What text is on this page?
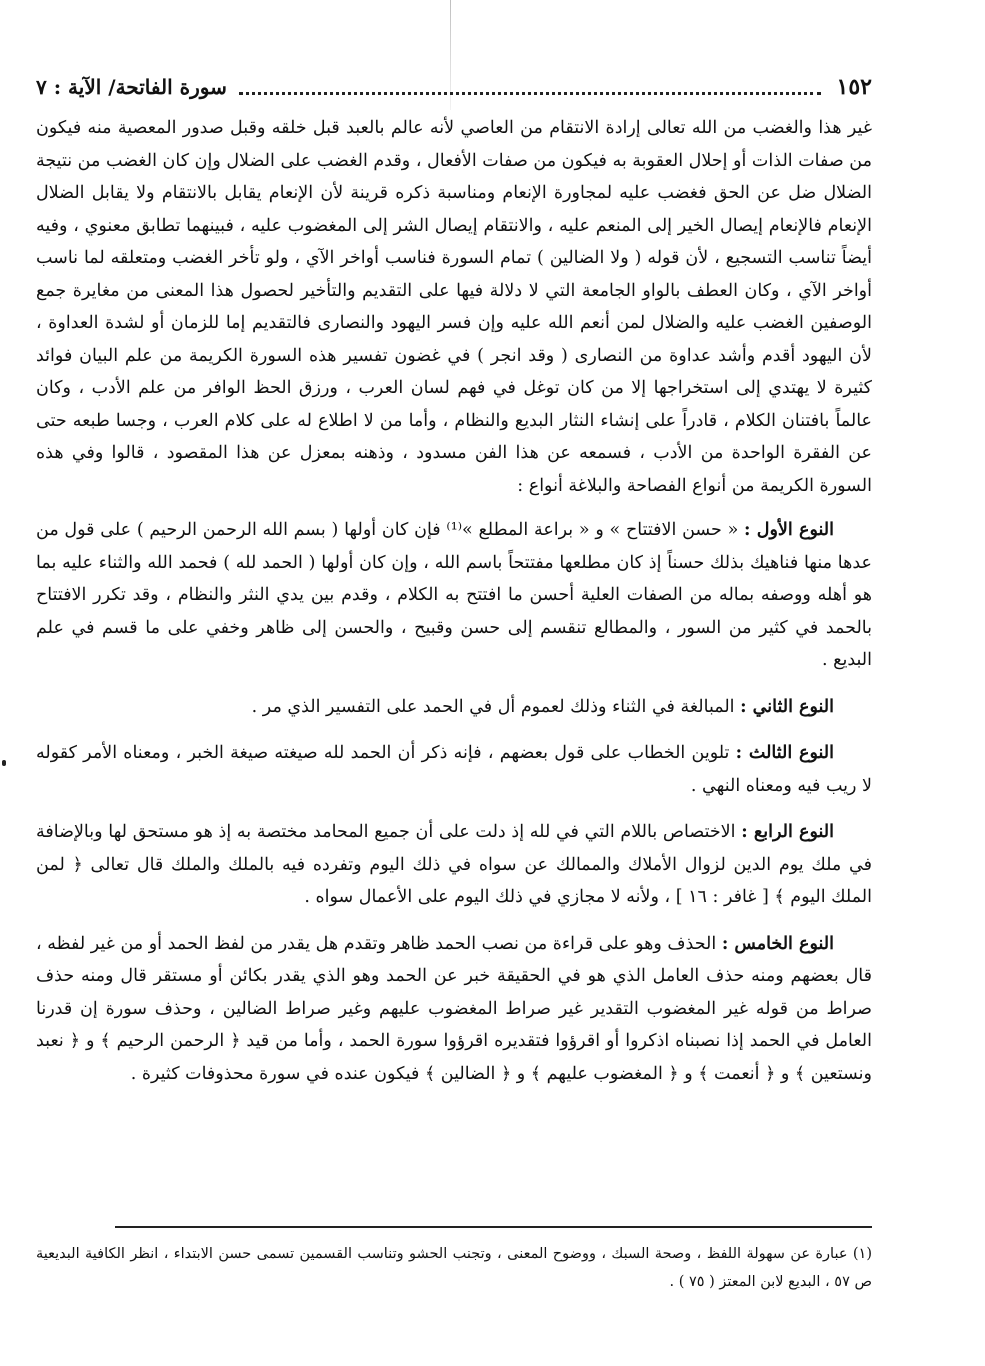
١٥٢
سورة الفاتحة/ الآية : ٧

غير هذا والغضب من الله تعالى إرادة الانتقام من العاصي لأنه عالم بالعبد قبل خلقه وقبل صدور المعصية منه فيكون من صفات الذات أو إحلال العقوبة به فيكون من صفات الأفعال ، وقدم الغضب على الضلال وإن كان الغضب من نتيجة الضلال ضل عن الحق فغضب عليه لمجاورة الإنعام ومناسبة ذكره قرينة لأن الإنعام يقابل بالانتقام ولا يقابل الضلال الإنعام فالإنعام إيصال الخير إلى المنعم عليه ، والانتقام إيصال الشر إلى المغضوب عليه ، فبينهما تطابق معنوي ، وفيه أيضاً تناسب التسجيع ، لأن قوله ( ولا الضالين ) تمام السورة فناسب أواخر الآي ، ولو تأخر الغضب ومتعلقه لما ناسب أواخر الآي ، وكان العطف بالواو الجامعة التي لا دلالة فيها على التقديم والتأخير لحصول هذا المعنى من مغايرة جمع الوصفين الغضب عليه والضلال لمن أنعم الله عليه وإن فسر اليهود والنصارى فالتقديم إما للزمان أو لشدة العداوة ، لأن اليهود أقدم وأشد عداوة من النصارى ( وقد انجر ) في غضون تفسير هذه السورة الكريمة من علم البيان فوائد كثيرة لا يهتدي إلى استخراجها إلا من كان توغل في فهم لسان العرب ، ورزق الحظ الوافر من علم الأدب ، وكان عالماً بافتنان الكلام ، قادراً على إنشاء النثار البديع والنظام ، وأما من لا اطلاع له على كلام العرب ، وجسا طبعه حتى عن الفقرة الواحدة من الأدب ، فسمعه عن هذا الفن مسدود ، وذهنه بمعزل عن هذا المقصود ، قالوا وفي هذه السورة الكريمة من أنواع الفصاحة والبلاغة أنواع :

النوع الأول : « حسن الافتتاح » و « براعة المطلع »⁽¹⁾ فإن كان أولها ( بسم الله الرحمن الرحيم ) على قول من عدها منها فناهيك بذلك حسناً إذ كان مطلعها مفتتحاً باسم الله ، وإن كان أولها ( الحمد لله ) فحمد الله والثناء عليه بما هو أهله ووصفه بماله من الصفات العلية أحسن ما افتتح به الكلام ، وقدم بين يدي النثر والنظام ، وقد تكرر الافتتاح بالحمد في كثير من السور ، والمطالع تنقسم إلى حسن وقبيح ، والحسن إلى ظاهر وخفي على ما قسم في علم البديع .

النوع الثاني : المبالغة في الثناء وذلك لعموم أل في الحمد على التفسير الذي مر .

النوع الثالث : تلوين الخطاب على قول بعضهم ، فإنه ذكر أن الحمد لله صيغته صيغة الخبر ، ومعناه الأمر كقوله لا ريب فيه ومعناه النهي .

النوع الرابع : الاختصاص باللام التي في لله إذ دلت على أن جميع المحامد مختصة به إذ هو مستحق لها وبالإضافة في ملك يوم الدين لزوال الأملاك والممالك عن سواه في ذلك اليوم وتفرده فيه بالملك والملك قال تعالى ﴿ لمن الملك اليوم ﴾ [ غافر : ١٦ ] ، ولأنه لا مجازي في ذلك اليوم على الأعمال سواه .

النوع الخامس : الحذف وهو على قراءة من نصب الحمد ظاهر وتقدم هل يقدر من لفظ الحمد أو من غير لفظه ، قال بعضهم ومنه حذف العامل الذي هو في الحقيقة خبر عن الحمد وهو الذي يقدر بكائن أو مستقر قال ومنه حذف صراط من قوله غير المغضوب التقدير غير صراط المغضوب عليهم وغير صراط الضالين ، وحذف سورة إن قدرنا العامل في الحمد إذا نصبناه اذكروا أو اقرؤوا فتقديره اقرؤوا سورة الحمد ، وأما من قيد ﴿ الرحمن الرحيم ﴾ و ﴿ نعبد ونستعين ﴾ و ﴿ أنعمت ﴾ و ﴿ المغضوب عليهم ﴾ و ﴿ الضالين ﴾ فيكون عنده في سورة محذوفات كثيرة .

(١) عبارة عن سهولة اللفظ ، وصحة السبك ، ووضوح المعنى ، وتجنب الحشو وتناسب القسمين تسمى حسن الابتداء ، انظر الكافية البديعية ص ٥٧ ، البديع لابن المعتز ( ٧٥ ) .
